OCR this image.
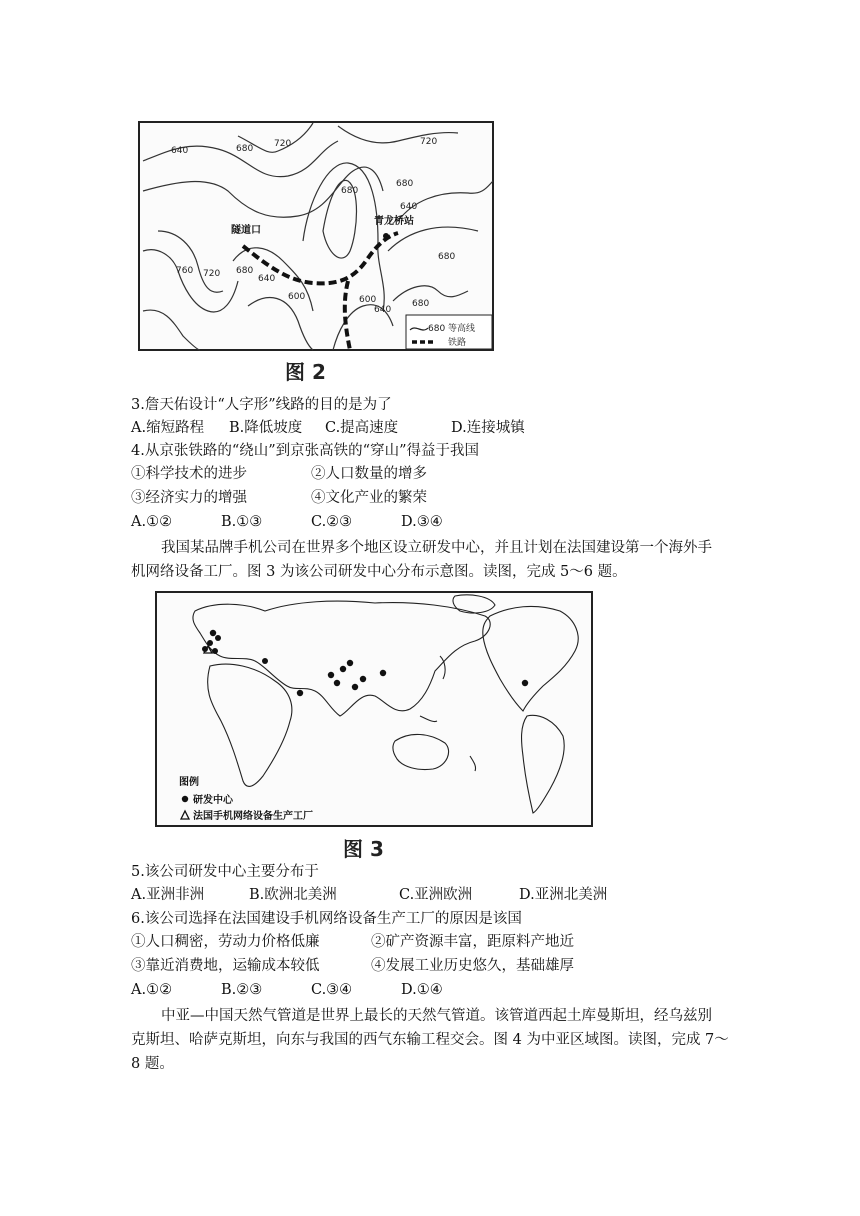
640	680 720	720
680
680
640
760 720 680
640
600	600
640
680
680
隧道口
青龙桥站
680 等高线
铁路
图 2
3.詹天佑设计“人字形”线路的目的是为了
A.缩短路程 B.降低坡度 C.提高速度	D.连接城镇
4.从京张铁路的“绕山”到京张高铁的“穿山”得益于我国
①科学技术的进步	②人口数量的增多
③经济实力的增强	④文化产业的繁荣
A.①②	B.①③	C.②③	D.③④
我国某品牌手机公司在世界多个地区设立研发中心，并且计划在法国建设第一个海外手
机网络设备工厂。图 3 为该公司研发中心分布示意图。读图，完成 5～6 题。
图例
研发中心
法国手机网络设备生产工厂
图 3
5.该公司研发中心主要分布于
A.亚洲非洲	B.欧洲北美洲	C.亚洲欧洲	D.亚洲北美洲
6.该公司选择在法国建设手机网络设备生产工厂的原因是该国
①人口稠密，劳动力价格低廉	②矿产资源丰富，距原料产地近
③靠近消费地，运输成本较低	④发展工业历史悠久，基础雄厚
A.①②	B.②③	C.③④	D.①④
中亚—中国天然气管道是世界上最长的天然气管道。该管道西起土库曼斯坦，经乌兹别
克斯坦、哈萨克斯坦，向东与我国的西气东输工程交会。图 4 为中亚区域图。读图，完成 7～
8 题。
